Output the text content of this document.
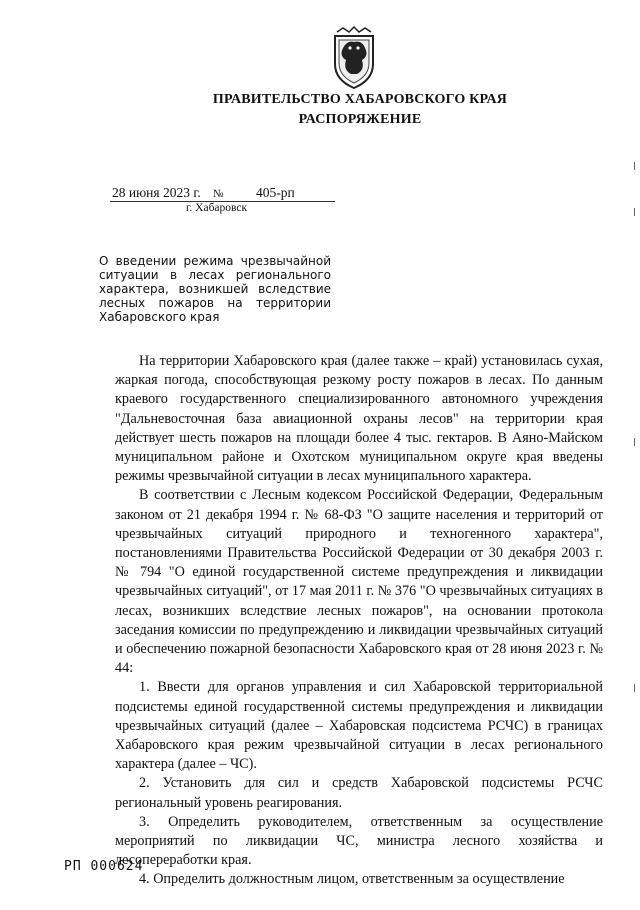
ПРАВИТЕЛЬСТВО ХАБАРОВСКОГО КРАЯ
РАСПОРЯЖЕНИЕ
28 июня 2023 г. № 405-рп
г. Хабаровск
О введении режима чрезвычайной ситуации в лесах регионального характера, возникшей вследствие лесных пожаров на территории Хабаровского края

На территории Хабаровского края (далее также – край) установилась сухая, жаркая погода, способствующая резкому росту пожаров в лесах. По данным краевого государственного специализированного автономного учреждения "Дальневосточная база авиационной охраны лесов" на территории края действует шесть пожаров на площади более 4 тыс. гектаров. В Аяно-Майском муниципальном районе и Охотском муниципальном округе края введены режимы чрезвычайной ситуации в лесах муниципального характера.

В соответствии с Лесным кодексом Российской Федерации, Федеральным законом от 21 декабря 1994 г. № 68-ФЗ "О защите населения и территорий от чрезвычайных ситуаций природного и техногенного характера", постановлениями Правительства Российской Федерации от 30 декабря 2003 г. № 794 "О единой государственной системе предупреждения и ликвидации чрезвычайных ситуаций", от 17 мая 2011 г. № 376 "О чрезвычайных ситуациях в лесах, возникших вследствие лесных пожаров", на основании протокола заседания комиссии по предупреждению и ликвидации чрезвычайных ситуаций и обеспечению пожарной безопасности Хабаровского края от 28 июня 2023 г. № 44:

1. Ввести для органов управления и сил Хабаровской территориальной подсистемы единой государственной системы предупреждения и ликвидации чрезвычайных ситуаций (далее – Хабаровская подсистема РСЧС) в границах Хабаровского края режим чрезвычайной ситуации в лесах регионального характера (далее – ЧС).

2. Установить для сил и средств Хабаровской подсистемы РСЧС региональный уровень реагирования.

3. Определить руководителем, ответственным за осуществление мероприятий по ликвидации ЧС, министра лесного хозяйства и лесопереработки края.

4. Определить должностным лицом, ответственным за осуществление

РП 000624
